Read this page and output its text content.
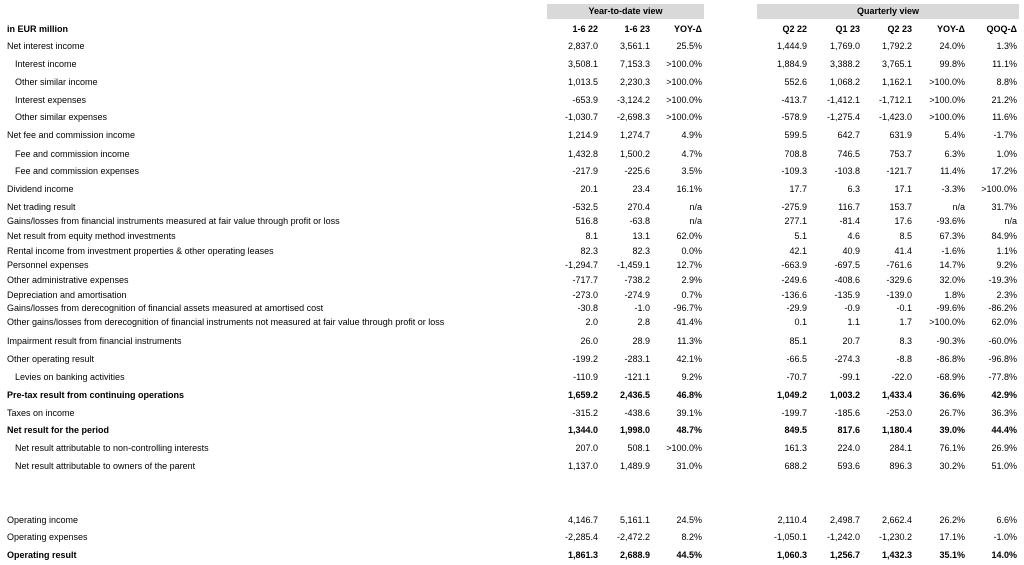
Year-to-date view	Quarterly view
in EUR million	1-6 22	1-6 23	YOY-Δ	Q2 22	Q1 23	Q2 23	YOY-Δ QOQ-Δ
Net interest income	2,837.0 3,561.1	25.5%	1,444.9	1,769.0 1,792.2	24.0%	1.3%
Interest income	3,508.1 7,153.3 >100.0%	1,884.9	3,388.2 3,765.1	99.8%	11.1%
Other similar income	1,013.5 2,230.3 >100.0%	552.6	1,068.2 1,162.1 >100.0%	8.8%
Interest expenses	-653.9 -3,124.2 >100.0%	-413.7 -1,412.1 -1,712.1 >100.0%	21.2%
Other similar expenses	-1,030.7 -2,698.3 >100.0%	-578.9 -1,275.4 -1,423.0 >100.0%	11.6%
Net fee and commission income	1,214.9 1,274.7	4.9%	599.5	642.7	631.9	5.4%	-1.7%
Fee and commission income	1,432.8 1,500.2	4.7%	708.8	746.5	753.7	6.3%	1.0%
Fee and commission expenses	-217.9	-225.6	3.5%	-109.3	-103.8	-121.7	11.4%	17.2%
Dividend income	20.1	23.4	16.1%	17.7	6.3	17.1	-3.3% >100.0%
Net trading result	-532.5	270.4	n/a	-275.9	116.7	153.7	n/a	31.7%
Gains/losses from financial instruments measured at fair value through profit or loss	516.8	-63.8	n/a	277.1	-81.4	17.6	-93.6%	n/a
Net result from equity method investments	8.1	13.1	62.0%	5.1	4.6	8.5	67.3%	84.9%
Rental income from investment properties & other operating leases	82.3	82.3	0.0%	42.1	40.9	41.4	-1.6%	1.1%
Personnel expenses	-1,294.7 -1,459.1	12.7%	-663.9	-697.5	-761.6	14.7%	9.2%
Other administrative expenses	-717.7	-738.2	2.9%	-249.6	-408.6	-329.6	32.0%	-19.3%
Depreciation and amortisation	-273.0	-274.9	0.7%	-136.6	-135.9	-139.0	1.8%	2.3%
Gains/losses from derecognition of financial assets measured at amortised cost	-30.8	-1.0	-96.7%	-29.9	-0.9	-0.1	-99.6%	-86.2%
Other gains/losses from derecognition of financial instruments not measured at fair value through profit or loss	2.0	2.8	41.4%	0.1	1.1	1.7 >100.0%	62.0%
Impairment result from financial instruments	26.0	28.9	11.3%	85.1	20.7	8.3	-90.3%	-60.0%
Other operating result	-199.2	-283.1	42.1%	-66.5	-274.3	-8.8	-86.8%	-96.8%
Levies on banking activities	-110.9	-121.1	9.2%	-70.7	-99.1	-22.0	-68.9%	-77.8%
Pre-tax result from continuing operations	1,659.2 2,436.5	46.8%	1,049.2	1,003.2 1,433.4	36.6%	42.9%
Taxes on income	-315.2	-438.6	39.1%	-199.7	-185.6	-253.0	26.7%	36.3%
Net result for the period	1,344.0 1,998.0	48.7%	849.5	817.6 1,180.4	39.0%	44.4%
Net result attributable to non-controlling interests	207.0	508.1 >100.0%	161.3	224.0	284.1	76.1%	26.9%
Net result attributable to owners of the parent	1,137.0 1,489.9	31.0%	688.2	593.6	896.3	30.2%	51.0%
Operating income	4,146.7 5,161.1	24.5%	2,110.4	2,498.7 2,662.4	26.2%	6.6%
Operating expenses	-2,285.4 -2,472.2	8.2%	-1,050.1 -1,242.0 -1,230.2	17.1%	-1.0%
Operating result	1,861.3 2,688.9	44.5%	1,060.3	1,256.7 1,432.3	35.1%	14.0%
